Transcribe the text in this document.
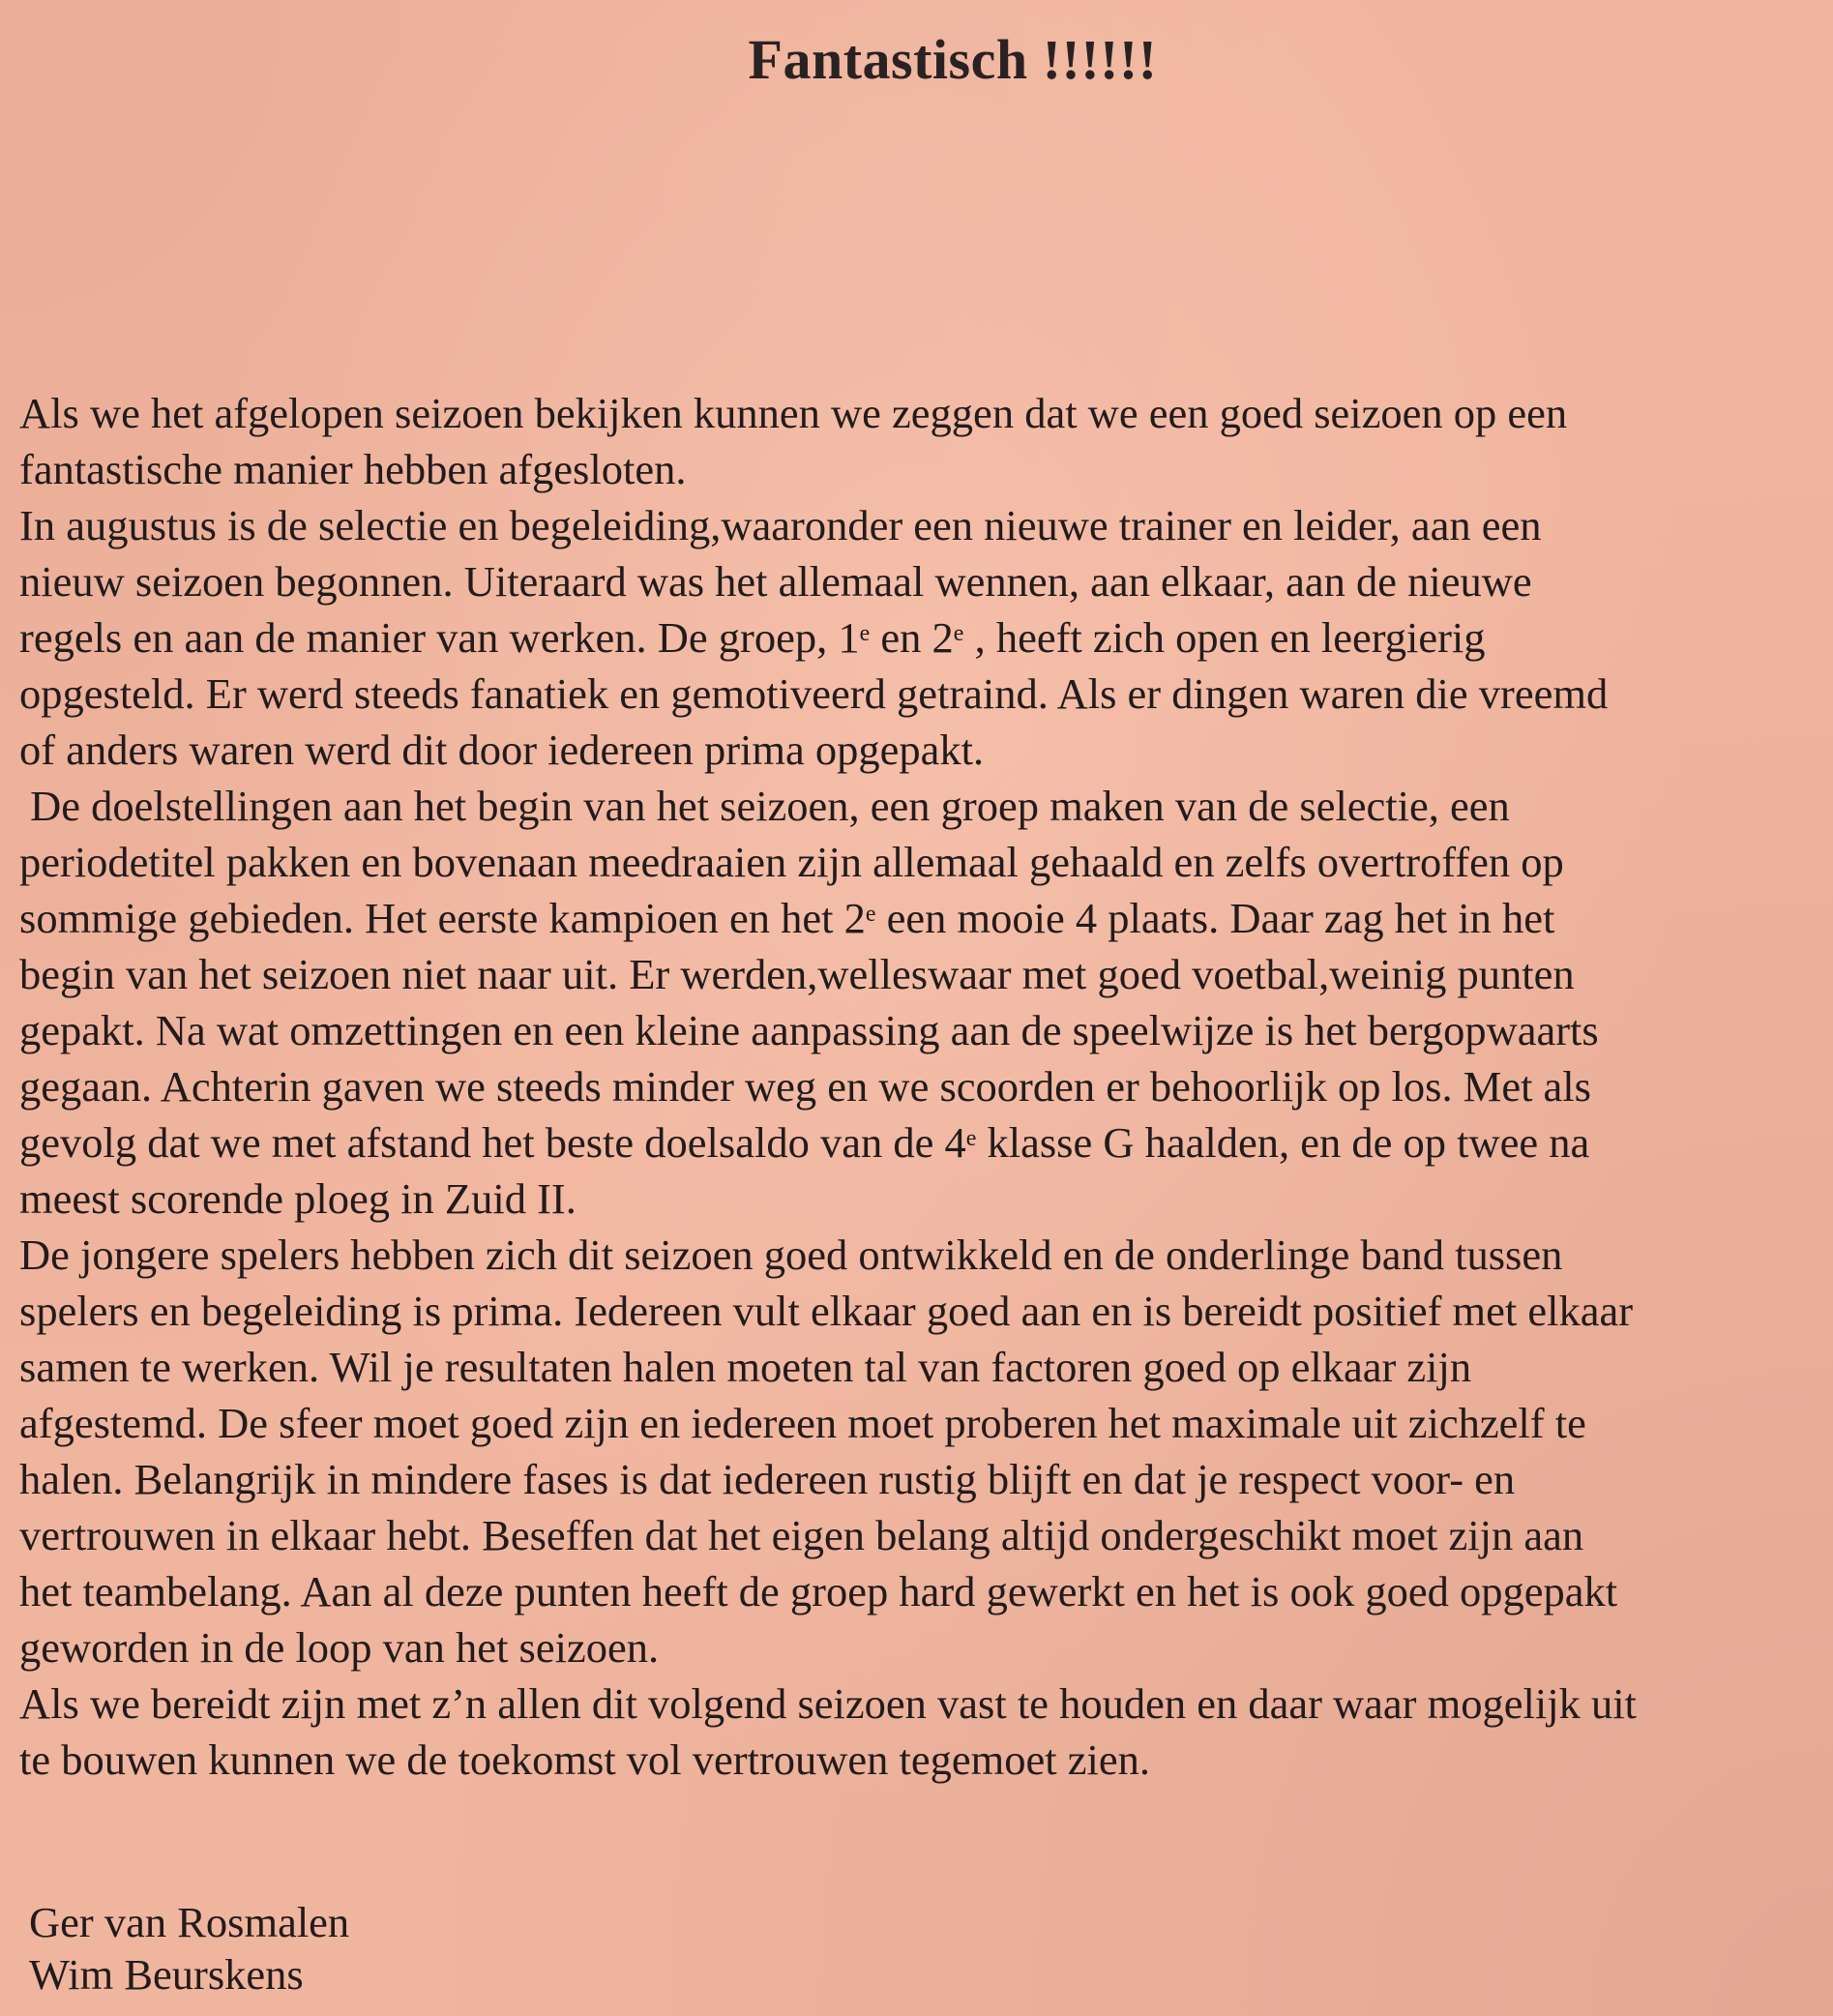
Fantastisch !!!!!!
Als we het afgelopen seizoen bekijken kunnen we zeggen dat we een goed seizoen op een
fantastische manier hebben afgesloten.
In augustus is de selectie en begeleiding,waaronder een nieuwe trainer en leider, aan een
nieuw seizoen begonnen. Uiteraard was het allemaal wennen, aan elkaar, aan de nieuwe
regels en aan de manier van werken. De groep, 1e en 2e , heeft zich open en leergierig
opgesteld. Er werd steeds fanatiek en gemotiveerd getraind. Als er dingen waren die vreemd
of anders waren werd dit door iedereen prima opgepakt.
De doelstellingen aan het begin van het seizoen, een groep maken van de selectie, een
periodetitel pakken en bovenaan meedraaien zijn allemaal gehaald en zelfs overtroffen op
sommige gebieden. Het eerste kampioen en het 2e een mooie 4 plaats. Daar zag het in het
begin van het seizoen niet naar uit. Er werden,welleswaar met goed voetbal,weinig punten
gepakt. Na wat omzettingen en een kleine aanpassing aan de speelwijze is het bergopwaarts
gegaan. Achterin gaven we steeds minder weg en we scoorden er behoorlijk op los. Met als
gevolg dat we met afstand het beste doelsaldo van de 4e klasse G haalden, en de op twee na
meest scorende ploeg in Zuid II.
De jongere spelers hebben zich dit seizoen goed ontwikkeld en de onderlinge band tussen
spelers en begeleiding is prima. Iedereen vult elkaar goed aan en is bereidt positief met elkaar
samen te werken. Wil je resultaten halen moeten tal van factoren goed op elkaar zijn
afgestemd. De sfeer moet goed zijn en iedereen moet proberen het maximale uit zichzelf te
halen. Belangrijk in mindere fases is dat iedereen rustig blijft en dat je respect voor- en
vertrouwen in elkaar hebt. Beseffen dat het eigen belang altijd ondergeschikt moet zijn aan
het teambelang. Aan al deze punten heeft de groep hard gewerkt en het is ook goed opgepakt
geworden in de loop van het seizoen.
Als we bereidt zijn met z’n allen dit volgend seizoen vast te houden en daar waar mogelijk uit
te bouwen kunnen we de toekomst vol vertrouwen tegemoet zien.
Ger van Rosmalen
Wim Beurskens
